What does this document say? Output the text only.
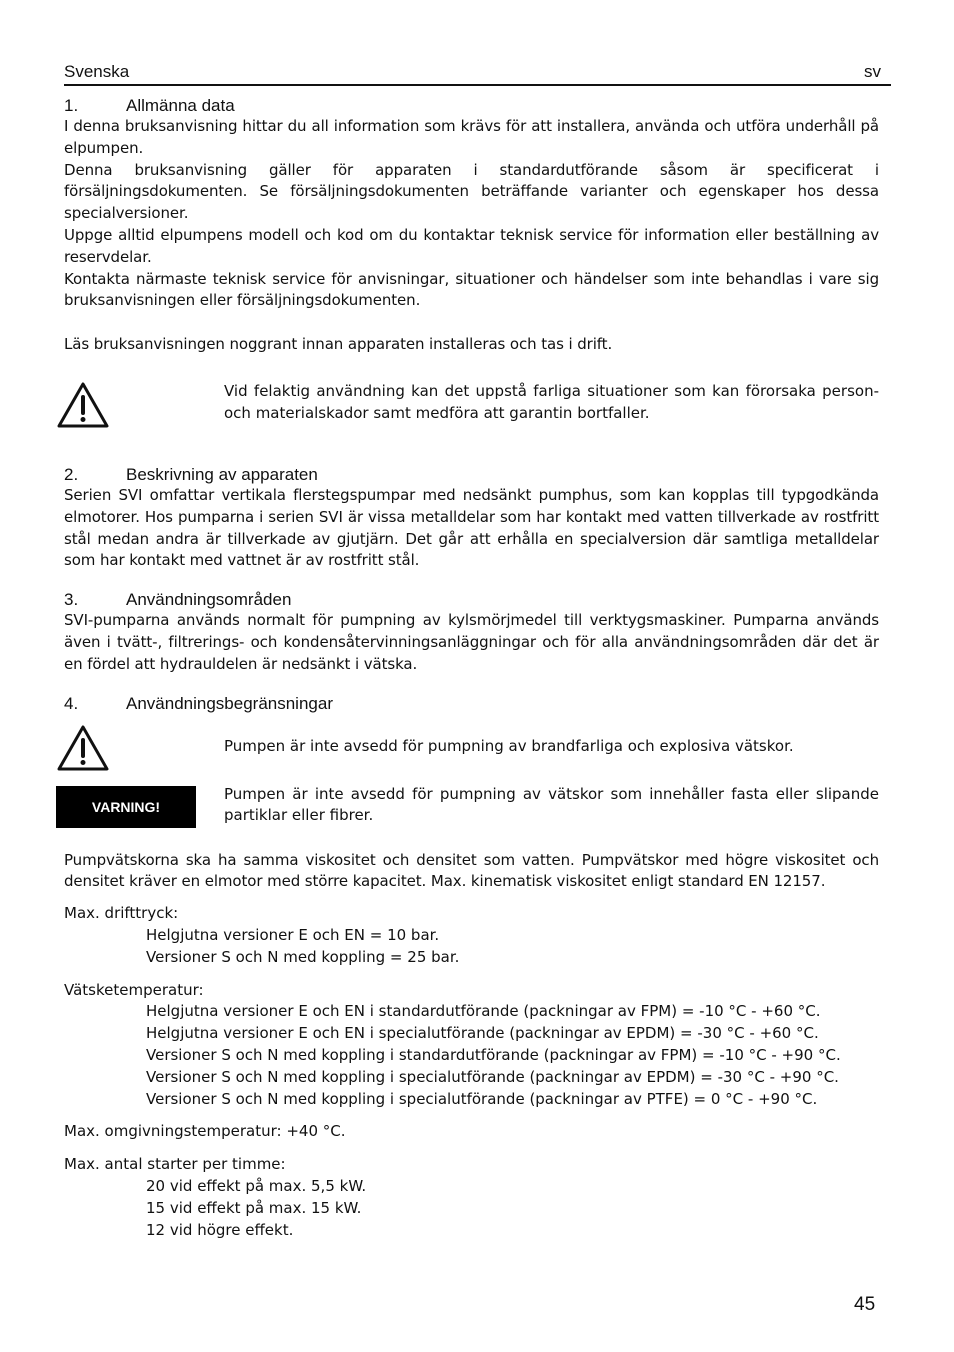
Svenska	sv
1.	Allmänna data

I denna bruksanvisning hittar du all information som krävs för att installera, använda och utföra underhåll på elpumpen.

Denna bruksanvisning gäller för apparaten i standardutförande såsom är specificerat i försäljningsdokumenten. Se försäljningsdokumenten beträffande varianter och egenskaper hos dessa specialversioner.

Uppge alltid elpumpens modell och kod om du kontaktar teknisk service för information eller beställning av reservdelar.

Kontakta närmaste teknisk service för anvisningar, situationer och händelser som inte behandlas i vare sig bruksanvisningen eller försäljningsdokumenten.

Läs bruksanvisningen noggrant innan apparaten installeras och tas i drift.

Vid felaktig användning kan det uppstå farliga situationer som kan förorsaka person- och materialskador samt medföra att garantin bortfaller.
2.	Beskrivning av apparaten
Serien SVI omfattar vertikala flerstegspumpar med nedsänkt pumphus, som kan kopplas till typgodkända elmotorer. Hos pumparna i serien SVI är vissa metalldelar som har kontakt med vatten tillverkade av rostfritt stål medan andra är tillverkade av gjutjärn. Det går att erhålla en specialversion där samtliga metalldelar som har kontakt med vattnet är av rostfritt stål.
3.	Användningsområden
SVI-pumparna används normalt för pumpning av kylsmörjmedel till verktygsmaskiner. Pumparna används även i tvätt-, filtrerings- och kondensåtervinningsanläggningar och för alla användningsområden där det är en fördel att hydrauldelen är nedsänkt i vätska.
4.	Användningsbegränsningar
Pumpen är inte avsedd för pumpning av brandfarliga och explosiva vätskor.
VARNING!
Pumpen är inte avsedd för pumpning av vätskor som innehåller fasta eller slipande partiklar eller fibrer.
Pumpvätskorna ska ha samma viskositet och densitet som vatten. Pumpvätskor med högre viskositet och densitet kräver en elmotor med större kapacitet. Max. kinematisk viskositet enligt standard EN 12157.
Max. drifttryck:
Helgjutna versioner E och EN = 10 bar.
Versioner S och N med koppling = 25 bar.
Vätsketemperatur:
Helgjutna versioner E och EN i standardutförande (packningar av FPM) = -10 °C - +60 °C.
Helgjutna versioner E och EN i specialutförande (packningar av EPDM) = -30 °C - +60 °C.
Versioner S och N med koppling i standardutförande (packningar av FPM) = -10 °C - +90 °C.
Versioner S och N med koppling i specialutförande (packningar av EPDM) = -30 °C - +90 °C.
Versioner S och N med koppling i specialutförande (packningar av PTFE) = 0 °C - +90 °C.
Max. omgivningstemperatur: +40 °C.
Max. antal starter per timme:
20 vid effekt på max. 5,5 kW.
15 vid effekt på max. 15 kW.
12 vid högre effekt.
45
